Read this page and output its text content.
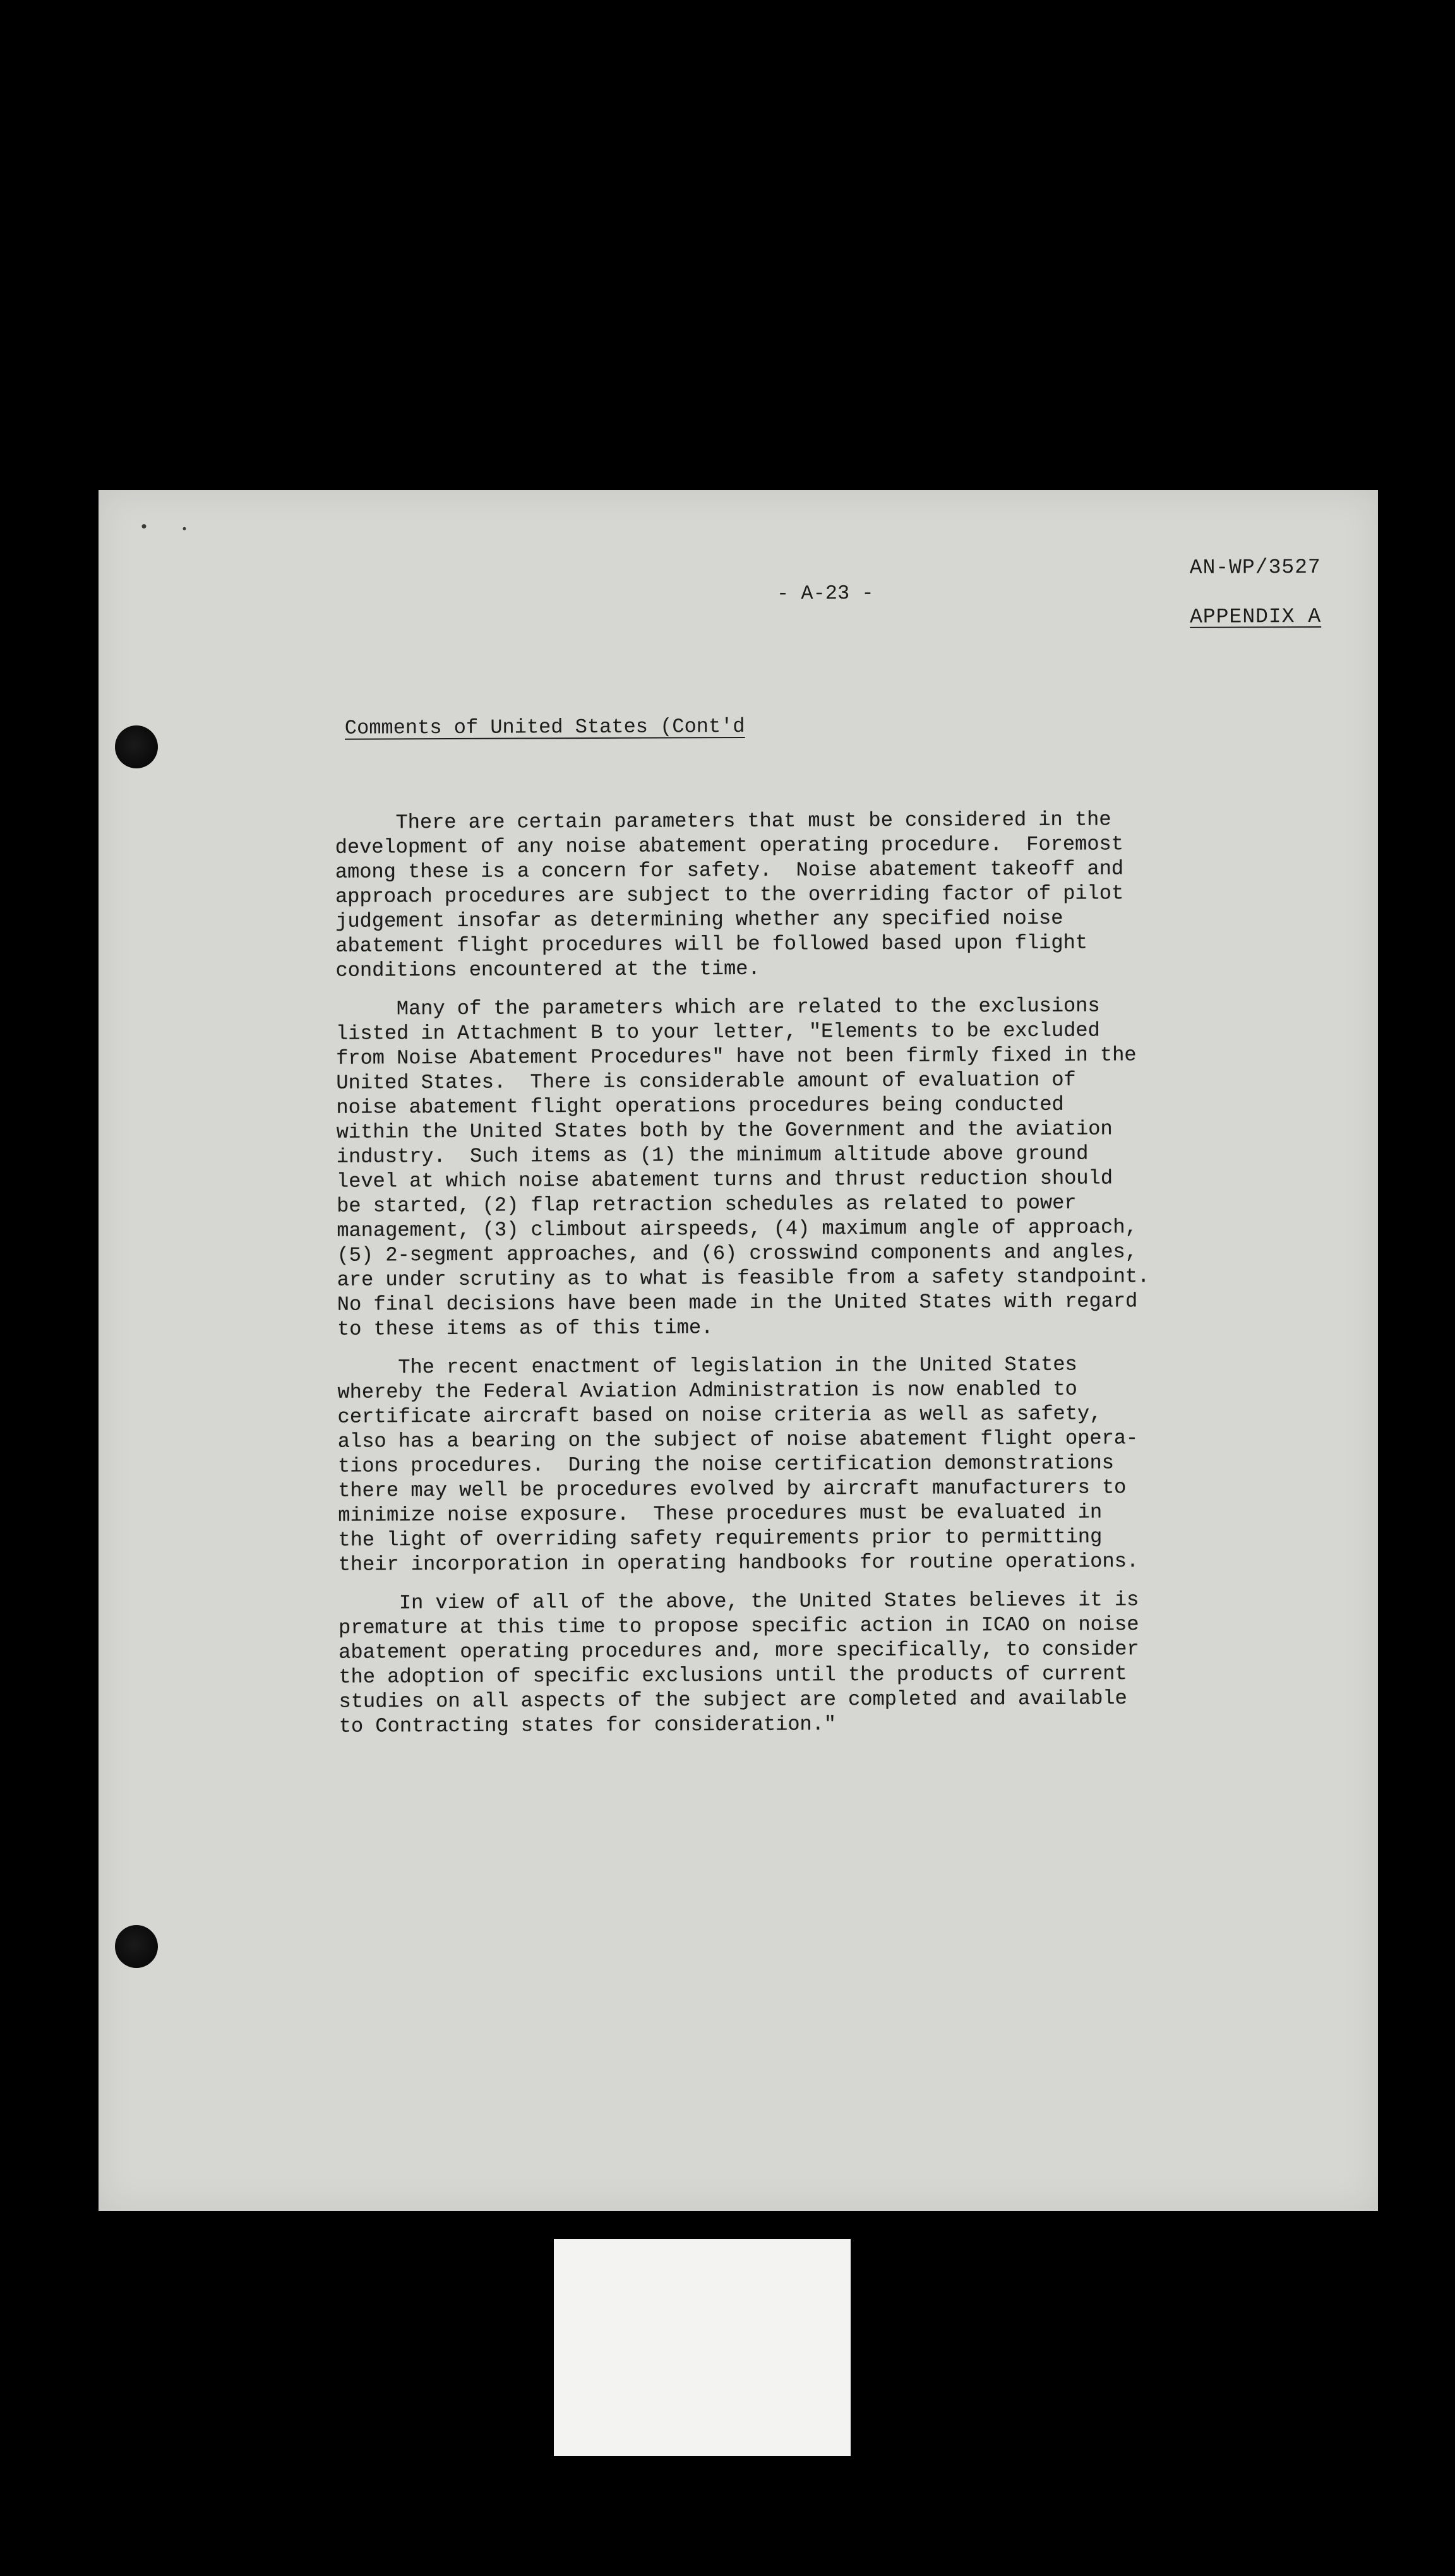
AN-WP/3527
- A-23 -
APPENDIX A
Comments of United States (Cont'd

There are certain parameters that must be considered in the
development of any noise abatement operating procedure.  Foremost
among these is a concern for safety.  Noise abatement takeoff and
approach procedures are subject to the overriding factor of pilot
judgement insofar as determining whether any specified noise
abatement flight procedures will be followed based upon flight
conditions encountered at the time.

Many of the parameters which are related to the exclusions
listed in Attachment B to your letter, "Elements to be excluded
from Noise Abatement Procedures" have not been firmly fixed in the
United States.  There is considerable amount of evaluation of
noise abatement flight operations procedures being conducted
within the United States both by the Government and the aviation
industry.  Such items as (1) the minimum altitude above ground
level at which noise abatement turns and thrust reduction should
be started, (2) flap retraction schedules as related to power
management, (3) climbout airspeeds, (4) maximum angle of approach,
(5) 2-segment approaches, and (6) crosswind components and angles,
are under scrutiny as to what is feasible from a safety standpoint.
No final decisions have been made in the United States with regard
to these items as of this time.

The recent enactment of legislation in the United States
whereby the Federal Aviation Administration is now enabled to
certificate aircraft based on noise criteria as well as safety,
also has a bearing on the subject of noise abatement flight opera-
tions procedures.  During the noise certification demonstrations
there may well be procedures evolved by aircraft manufacturers to
minimize noise exposure.  These procedures must be evaluated in
the light of overriding safety requirements prior to permitting
their incorporation in operating handbooks for routine operations.

In view of all of the above, the United States believes it is
premature at this time to propose specific action in ICAO on noise
abatement operating procedures and, more specifically, to consider
the adoption of specific exclusions until the products of current
studies on all aspects of the subject are completed and available
to Contracting states for consideration."
